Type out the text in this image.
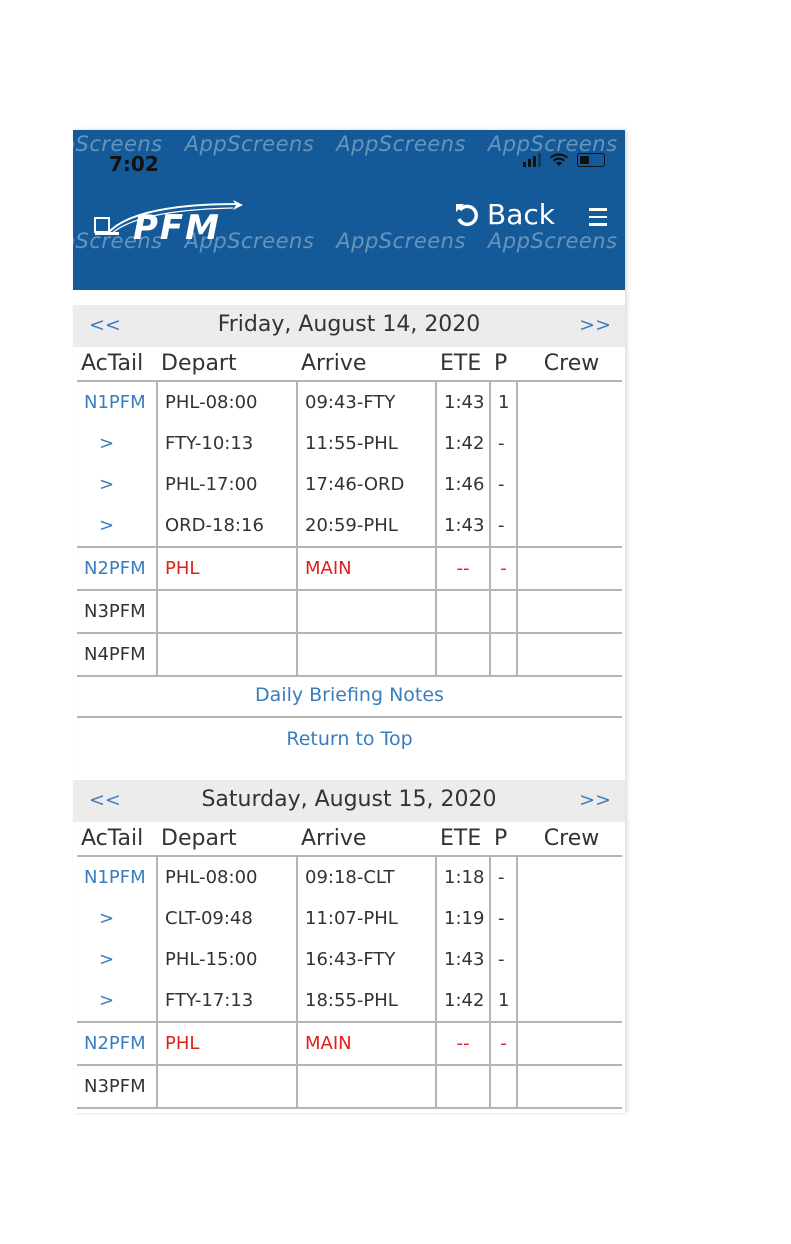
7:02
PFM	Back
AppScreens AppScreens AppScreens AppScreens AppScreens
AppScreens AppScreens AppScreens AppScreens AppScreens
<<	Friday, August 14, 2020	>>
AcTail	Depart	Arrive	ETE	P	Crew
N1PFM	PHL-08:00	09:43-FTY	1:43	1	
>	FTY-10:13	11:55-PHL	1:42	-	
>	PHL-17:00	17:46-ORD	1:46	-	
>	ORD-18:16	20:59-PHL	1:43	-	
N2PFM	PHL	MAIN	--	-	
N3PFM					
N4PFM					
Daily Briefing Notes
Return to Top
<<	Saturday, August 15, 2020	>>
AcTail	Depart	Arrive	ETE	P	Crew
N1PFM	PHL-08:00	09:18-CLT	1:18	-	
>	CLT-09:48	11:07-PHL	1:19	-	
>	PHL-15:00	16:43-FTY	1:43	-	
>	FTY-17:13	18:55-PHL	1:42	1	
N2PFM	PHL	MAIN	--	-	
N3PFM					
